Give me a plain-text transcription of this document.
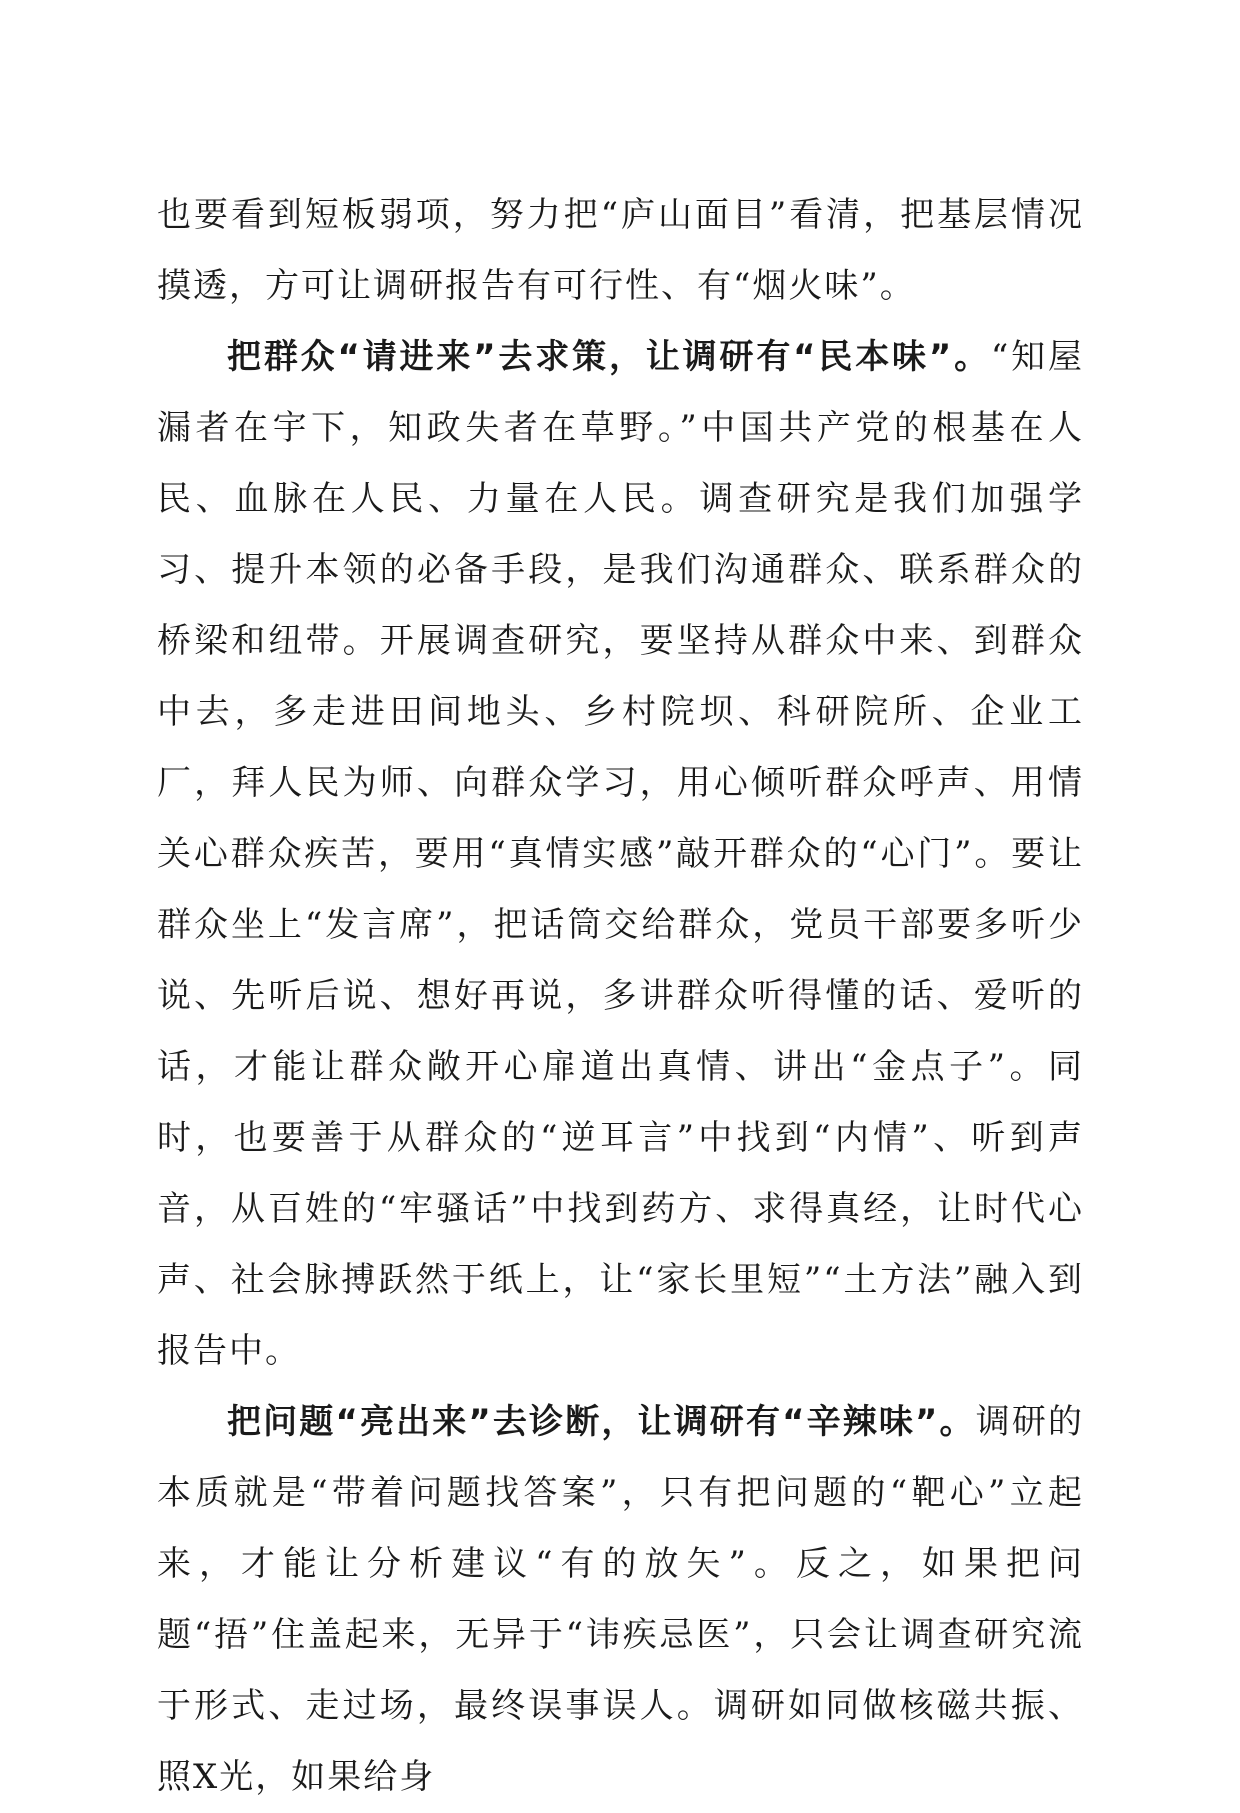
也要看到短板弱项，努力把“庐山面目”看清，把基层情况摸透，方可让调研报告有可行性、有“烟火味”。

把群众“请进来”去求策，让调研有“民本味”。“知屋漏者在宇下，知政失者在草野。”中国共产党的根基在人民、血脉在人民、力量在人民。调查研究是我们加强学习、提升本领的必备手段，是我们沟通群众、联系群众的桥梁和纽带。开展调查研究，要坚持从群众中来、到群众中去，多走进田间地头、乡村院坝、科研院所、企业工厂，拜人民为师、向群众学习，用心倾听群众呼声、用情关心群众疾苦，要用“真情实感”敲开群众的“心门”。要让群众坐上“发言席”，把话筒交给群众，党员干部要多听少说、先听后说、想好再说，多讲群众听得懂的话、爱听的话，才能让群众敞开心扉道出真情、讲出“金点子”。同时，也要善于从群众的“逆耳言”中找到“内情”、听到声音，从百姓的“牢骚话”中找到药方、求得真经，让时代心声、社会脉搏跃然于纸上，让“家长里短”“土方法”融入到报告中。

把问题“亮出来”去诊断，让调研有“辛辣味”。调研的本质就是“带着问题找答案”，只有把问题的“靶心”立起来，才能让分析建议“有的放矢”。反之，如果把问题“捂”住盖起来，无异于“讳疾忌医”，只会让调查研究流于形式、走过场，最终误事误人。调研如同做核磁共振、照X光，如果给身
